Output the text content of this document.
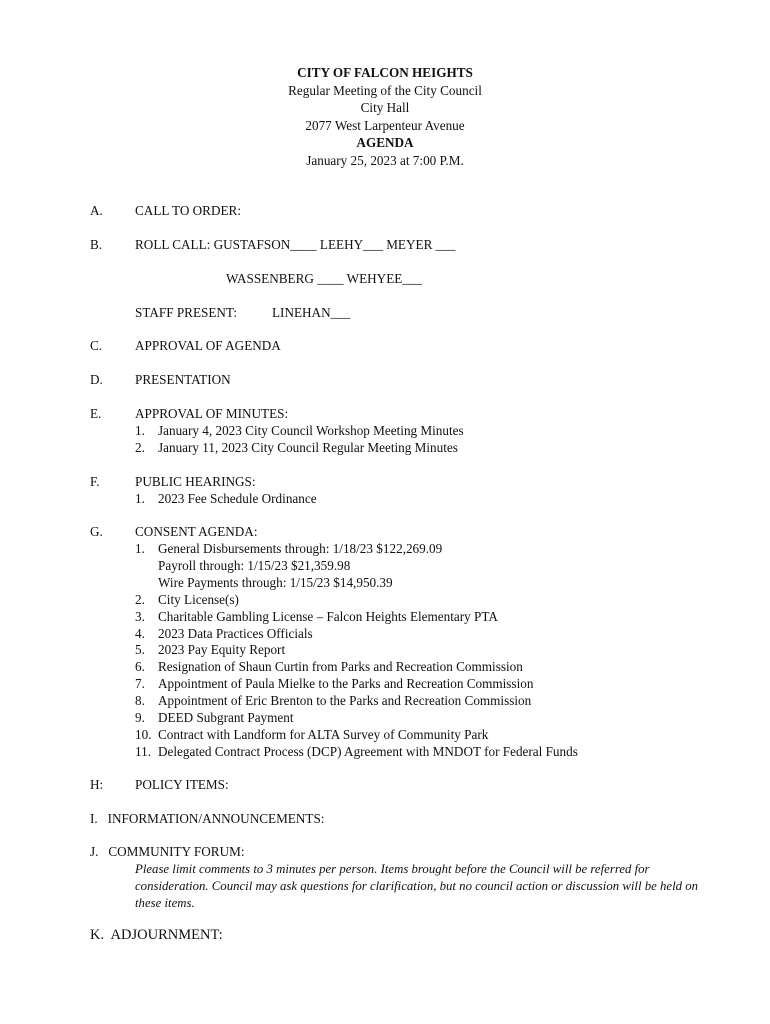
CITY OF FALCON HEIGHTS
Regular Meeting of the City Council
City Hall
2077 West Larpenteur Avenue
AGENDA
January 25, 2023 at 7:00 P.M.
A. CALL TO ORDER:
B. ROLL CALL: GUSTAFSON____ LEEHY___ MEYER ___
WASSENBERG ____ WEHYEE___
STAFF PRESENT:	LINEHAN___
C. APPROVAL OF AGENDA
D. PRESENTATION
E.	APPROVAL OF MINUTES:
1. January 4, 2023 City Council Workshop Meeting Minutes
2. January 11, 2023 City Council Regular Meeting Minutes
F.	PUBLIC HEARINGS:
1. 2023 Fee Schedule Ordinance
G. CONSENT AGENDA:
1. General Disbursements through: 1/18/23 $122,269.09
Payroll through: 1/15/23 $21,359.98
Wire Payments through: 1/15/23 $14,950.39
2. City License(s)
3. Charitable Gambling License – Falcon Heights Elementary PTA
4. 2023 Data Practices Officials
5. 2023 Pay Equity Report
6. Resignation of Shaun Curtin from Parks and Recreation Commission
7. Appointment of Paula Mielke to the Parks and Recreation Commission
8. Appointment of Eric Brenton to the Parks and Recreation Commission
9. DEED Subgrant Payment
10. Contract with Landform for ALTA Survey of Community Park
11. Delegated Contract Process (DCP) Agreement with MNDOT for Federal Funds
H: POLICY ITEMS:
I.   INFORMATION/ANNOUNCEMENTS:
J.   COMMUNITY FORUM:
Please limit comments to 3 minutes per person. Items brought before the Council will be referred for consideration. Council may ask questions for clarification, but no council action or discussion will be held on these items.
K.  ADJOURNMENT:
